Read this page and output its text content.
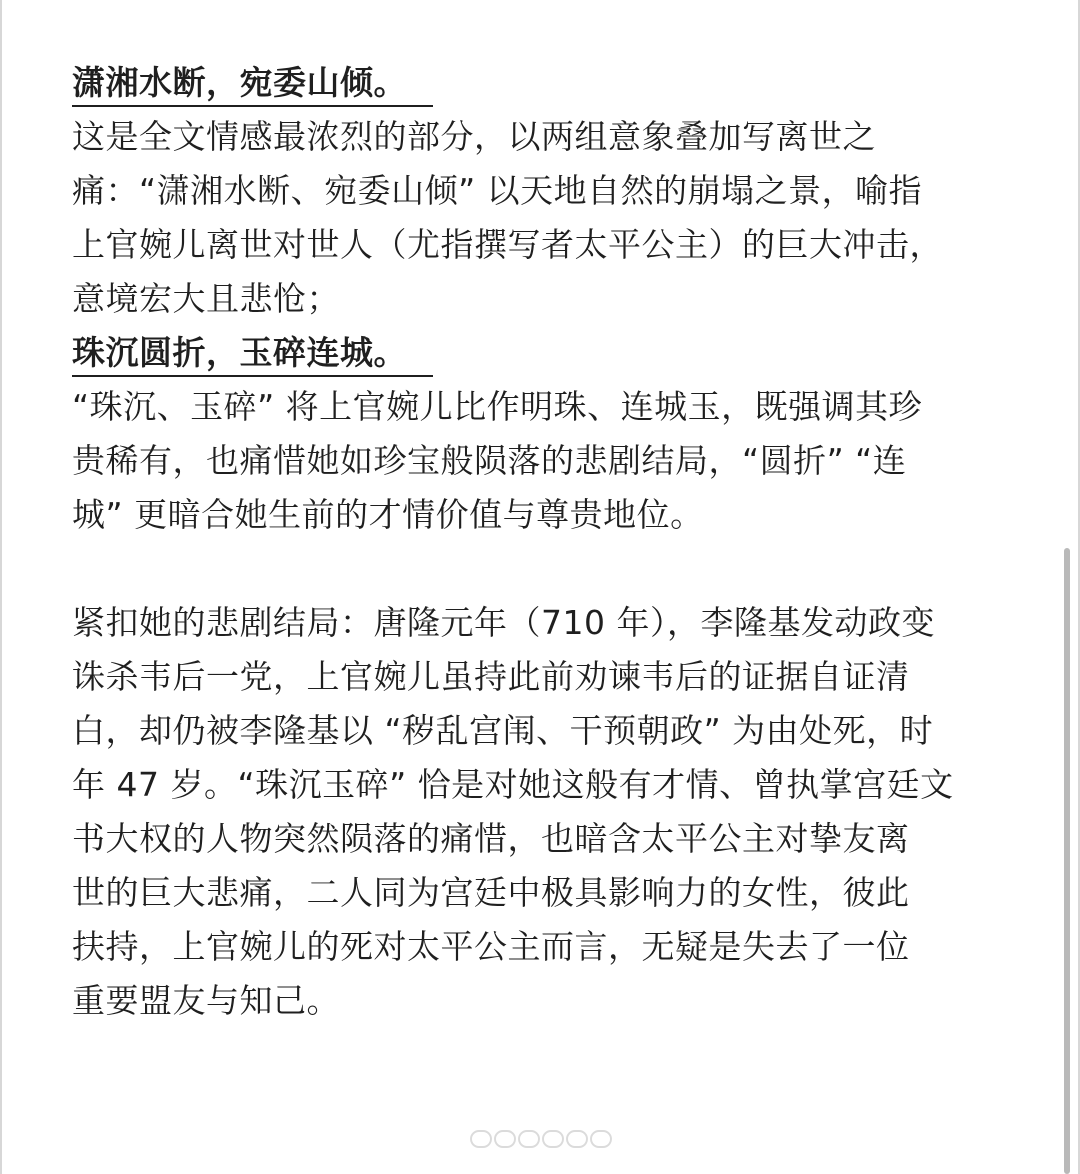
潇湘水断，宛委山倾。
这是全文情感最浓烈的部分，以两组意象叠加写离世之
痛：“潇湘水断、宛委山倾” 以天地自然的崩塌之景，喻指
上官婉儿离世对世人（尤指撰写者太平公主）的巨大冲击，
意境宏大且悲怆；
珠沉圆折，玉碎连城。
“珠沉、玉碎” 将上官婉儿比作明珠、连城玉，既强调其珍
贵稀有，也痛惜她如珍宝般陨落的悲剧结局，“圆折” “连
城” 更暗合她生前的才情价值与尊贵地位。
紧扣她的悲剧结局：唐隆元年（710 年），李隆基发动政变
诛杀韦后一党，上官婉儿虽持此前劝谏韦后的证据自证清
白，却仍被李隆基以 “秽乱宫闱、干预朝政” 为由处死，时
年 47 岁。“珠沉玉碎” 恰是对她这般有才情、曾执掌宫廷文
书大权的人物突然陨落的痛惜，也暗含太平公主对挚友离
世的巨大悲痛，二人同为宫廷中极具影响力的女性，彼此
扶持，上官婉儿的死对太平公主而言，无疑是失去了一位
重要盟友与知己。
